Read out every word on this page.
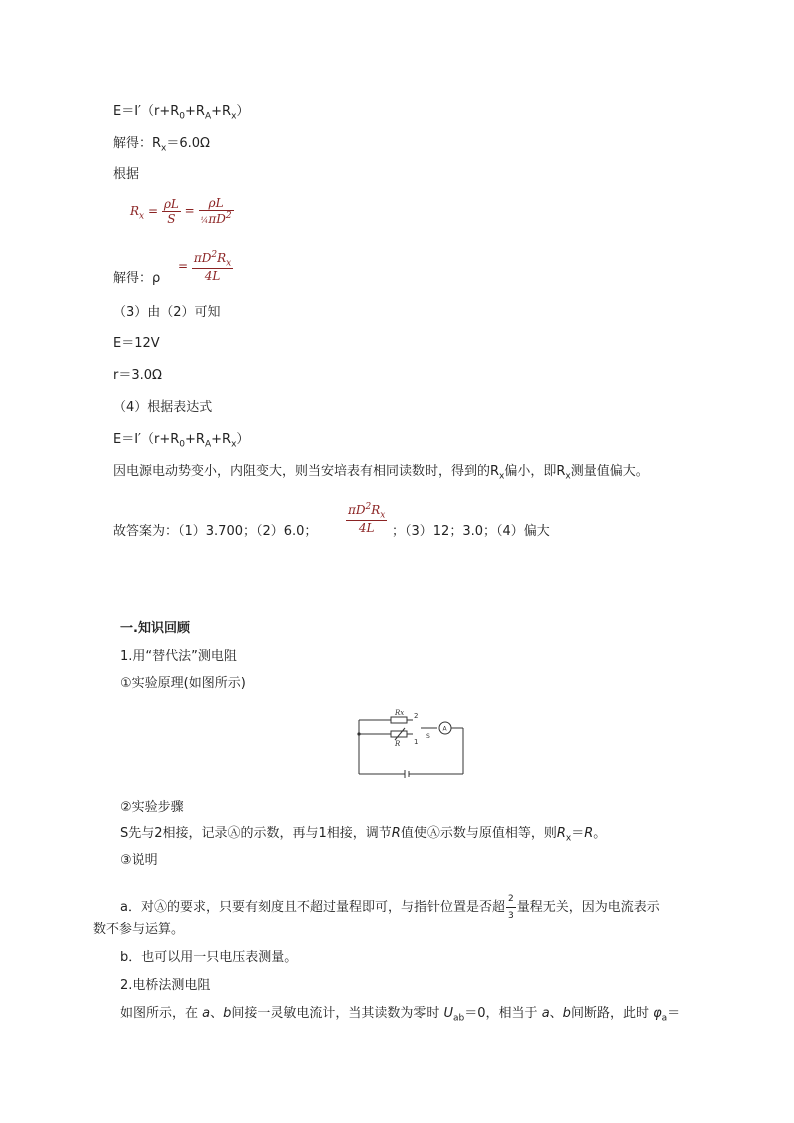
$E=I'(r+R_0+R_A+R_x)$
解得：$R_x=6.0\Omega$
根据
$R_x = \frac{\rho L}{S} = \frac{\rho L}{\frac{1}{4}\pi D^2}$
解得：ρ
= $\frac{\pi D^2R_x}{4L}$
（3）由（2）可知
E＝12V
r＝3.0Ω
（4）根据表达式
$E=I'(r+R_0+R_A+R_x)$
因电源电动势变小，内阻变大，则当安培表有相同读数时，得到的$R_x$偏小，即$R_x$测量值偏大。
故答案为：（1）3.700；（2）6.0； $\frac{\pi D^2R_x}{4L}$ ；（3）12；3.0；（4）偏大
一.知识回顾
1.用“替代法”测电阻
①实验原理(如图所示)
Rx
R
2
1
S
A
②实验步骤
S先与2相接，记录Ⓐ的示数，再与1相接，调节R值使Ⓐ示数与原值相等，则$R_x=R$。
③说明
a．对Ⓐ的要求，只要有刻度且不超过量程即可，与指针位置是否超 $\frac{2}{3}$ 量程无关，因为电流表示
数不参与运算。
b．也可以用一只电压表测量。
2.电桥法测电阻
如图所示，在 a、b间接一灵敏电流计，当其读数为零时 $U_{ab}=0$，相当于 a、b间断路，此时 $\varphi_a=$
